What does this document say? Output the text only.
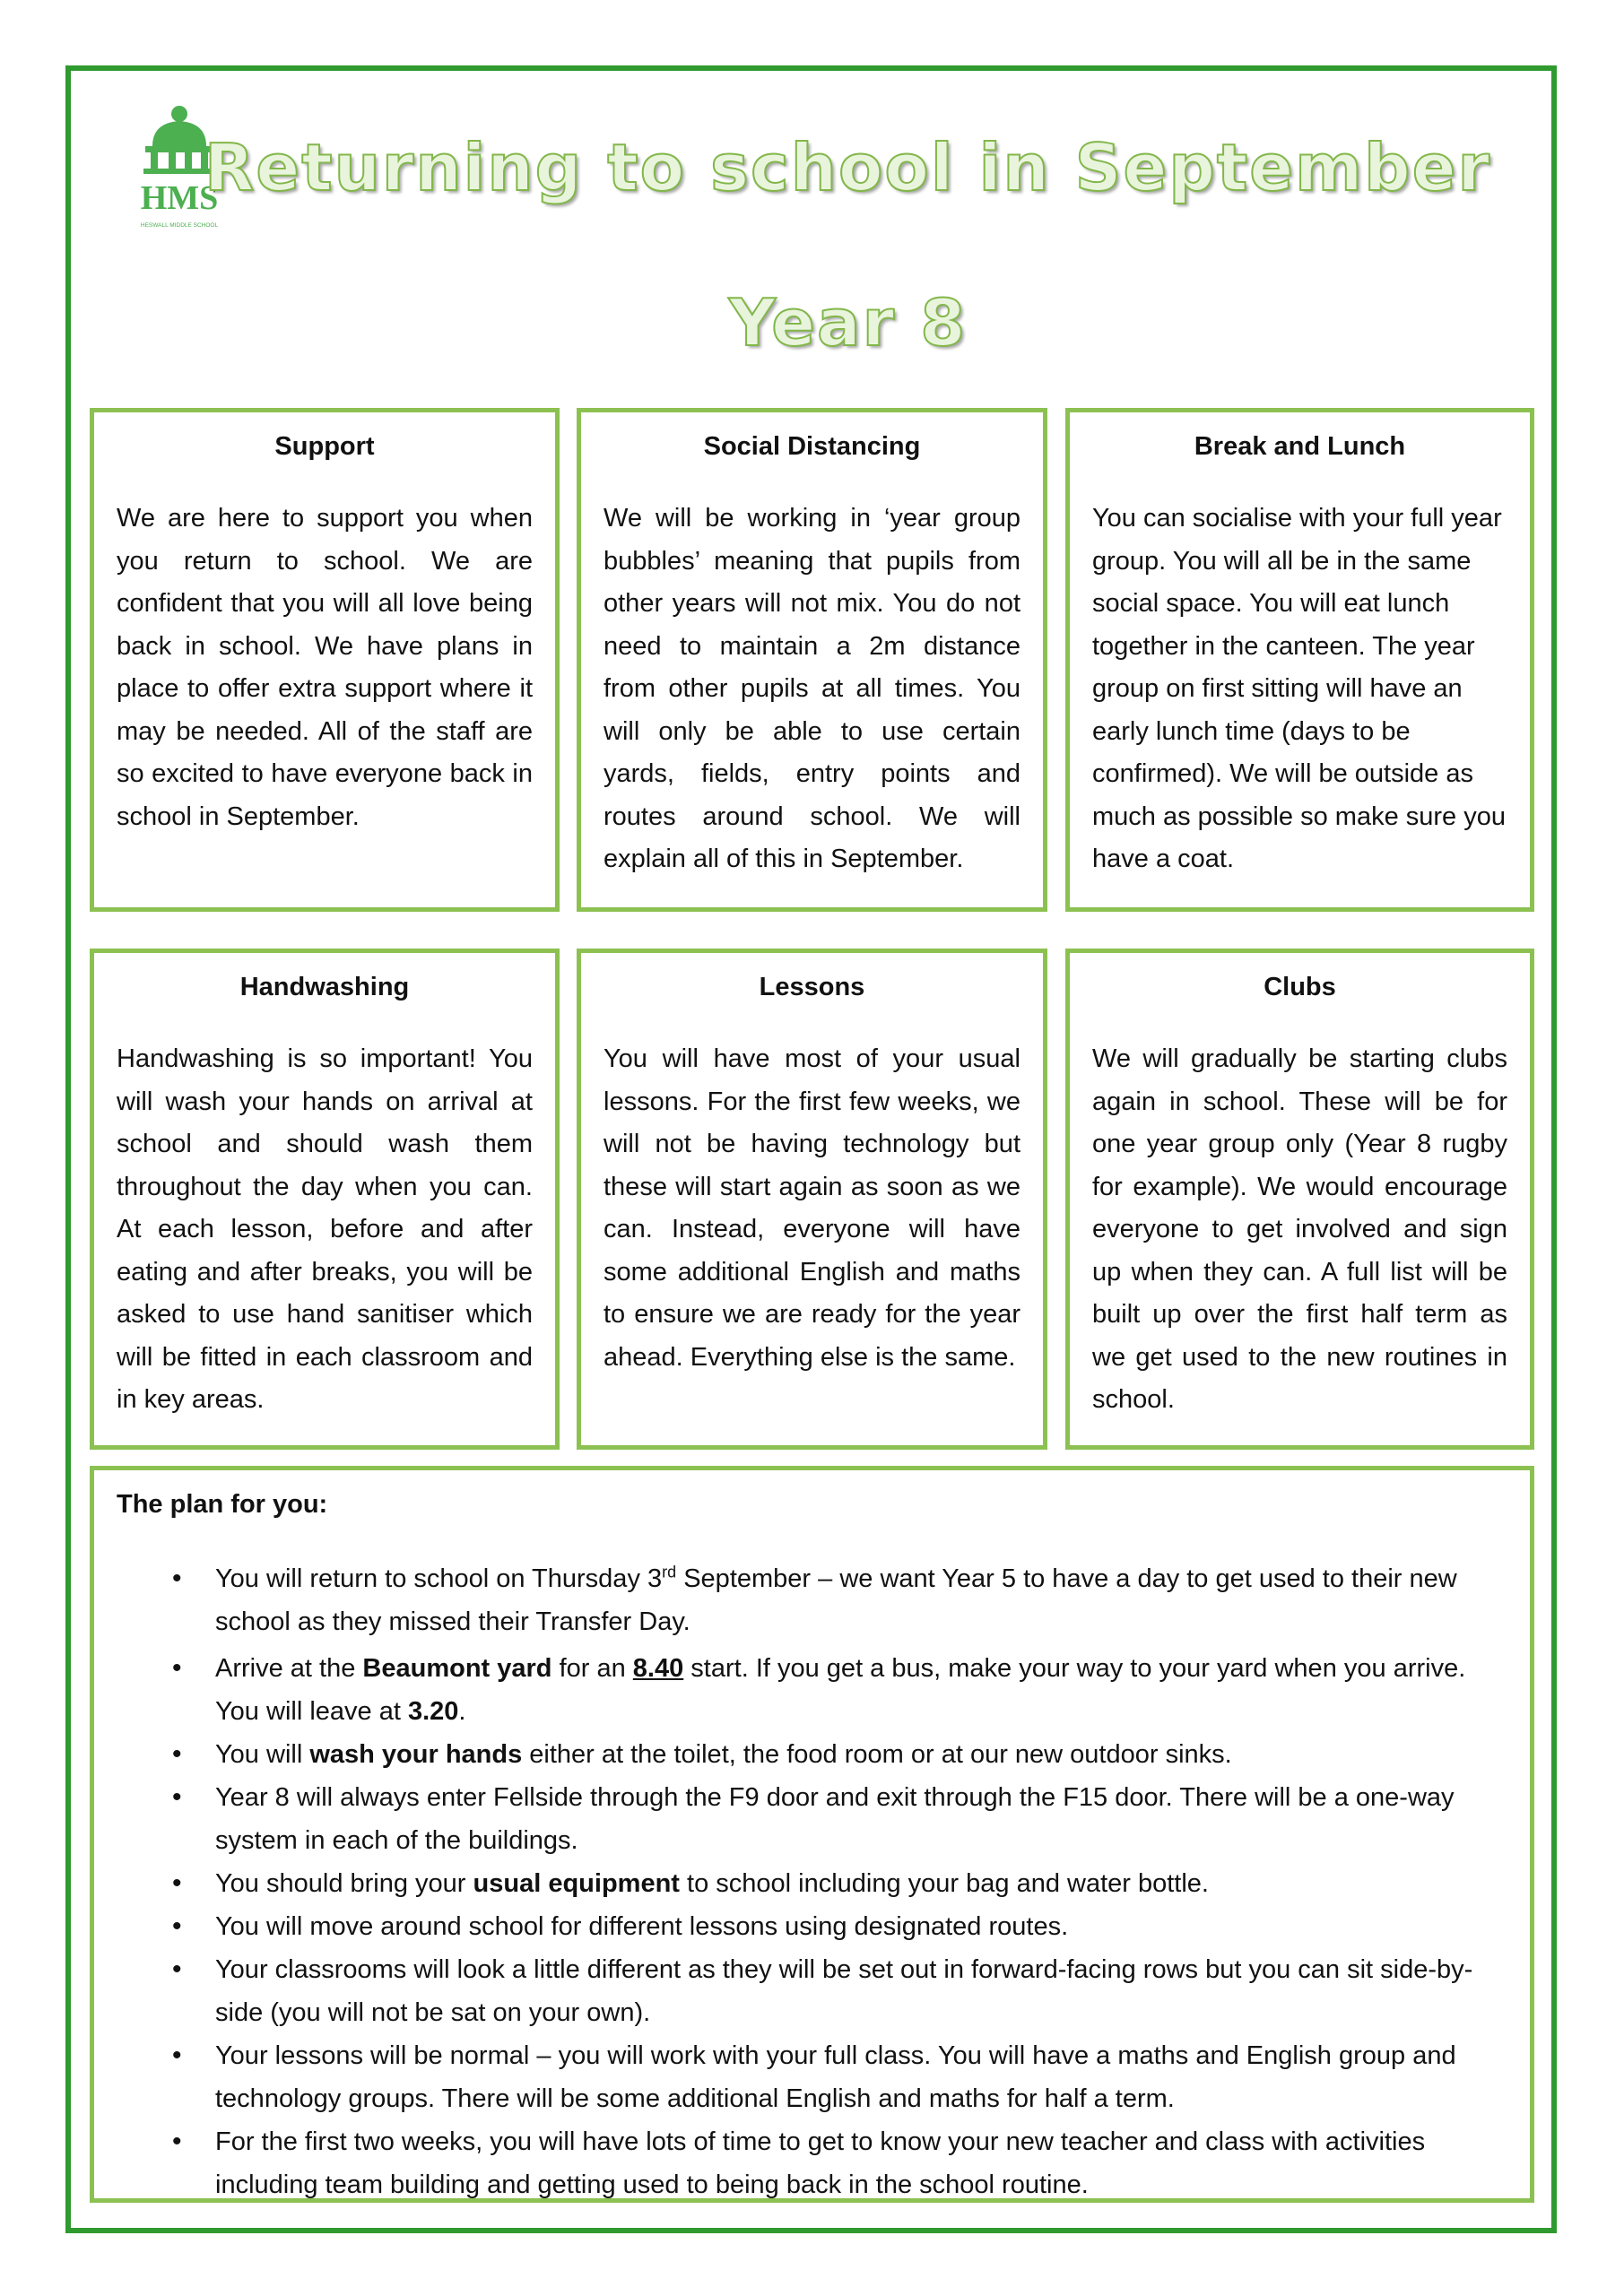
HMS
HESWALL MIDDLE SCHOOL
Returning to school in September
Year 8
Support
We are here to support you when you return to school. We are confident that you will all love being back in school. We have plans in place to offer extra support where it may be needed. All of the staff are so excited to have everyone back in school in September.
Social Distancing
We will be working in ‘year group bubbles’ meaning that pupils from other years will not mix. You do not need to maintain a 2m distance from other pupils at all times. You will only be able to use certain yards, fields, entry points and routes around school. We will explain all of this in September.
Break and Lunch
You can socialise with your full year group. You will all be in the same social space. You will eat lunch together in the canteen. The year group on first sitting will have an early lunch time (days to be confirmed). We will be outside as much as possible so make sure you have a coat.
Handwashing
Handwashing is so important! You will wash your hands on arrival at school and should wash them throughout the day when you can. At each lesson, before and after eating and after breaks, you will be asked to use hand sanitiser which will be fitted in each classroom and in key areas.
Lessons
You will have most of your usual lessons. For the first few weeks, we will not be having technology but these will start again as soon as we can. Instead, everyone will have some additional English and maths to ensure we are ready for the year ahead. Everything else is the same.
Clubs
We will gradually be starting clubs again in school. These will be for one year group only (Year 8 rugby for example). We would encourage everyone to get involved and sign up when they can. A full list will be built up over the first half term as we get used to the new routines in school.
The plan for you:
• You will return to school on Thursday 3rd September – we want Year 5 to have a day to get used to their new school as they missed their Transfer Day.
• Arrive at the Beaumont yard for an 8.40 start. If you get a bus, make your way to your yard when you arrive. You will leave at 3.20.
• You will wash your hands either at the toilet, the food room or at our new outdoor sinks.
• Year 8 will always enter Fellside through the F9 door and exit through the F15 door. There will be a one-way system in each of the buildings.
• You should bring your usual equipment to school including your bag and water bottle.
• You will move around school for different lessons using designated routes.
• Your classrooms will look a little different as they will be set out in forward-facing rows but you can sit side-by-side (you will not be sat on your own).
• Your lessons will be normal – you will work with your full class. You will have a maths and English group and technology groups. There will be some additional English and maths for half a term.
• For the first two weeks, you will have lots of time to get to know your new teacher and class with activities including team building and getting used to being back in the school routine.
